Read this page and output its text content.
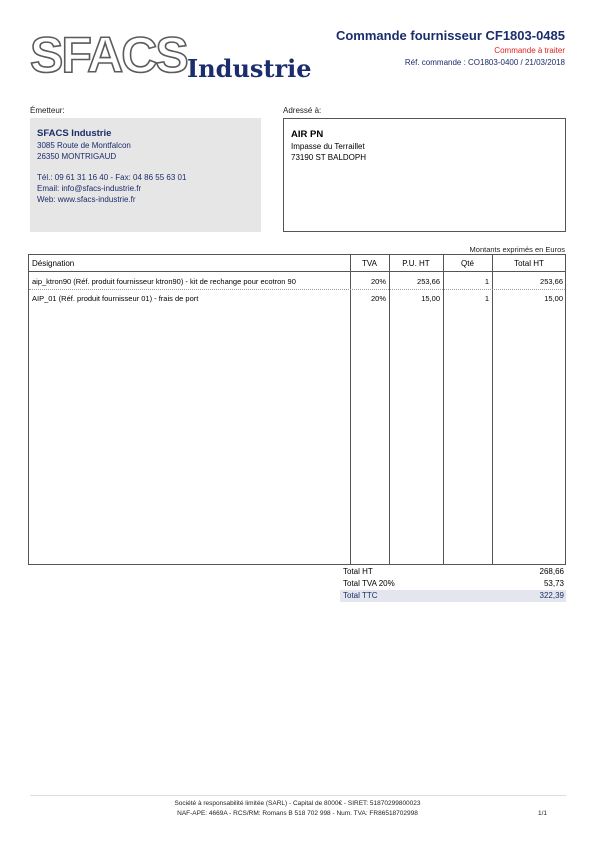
SFACS Industrie
Commande fournisseur CF1803-0485
Commande à traiter
Réf. commande : CO1803-0400 / 21/03/2018
Émetteur:
SFACS Industrie
3085 Route de Montfalcon
26350 MONTRIGAUD
Tél.: 09 61 31 16 40 - Fax: 04 86 55 63 01
Email: info@sfacs-industrie.fr
Web: www.sfacs-industrie.fr
Adressé à:
AIR PN
Impasse du Terraillet
73190 ST BALDOPH
Montants exprimés en Euros
Désignation	TVA	P.U. HT	Qté	Total HT
aip_ktron90 (Réf. produit fournisseur ktron90) - kit de rechange pour ecotron 90	20%	253,66	1	253,66
AIP_01 (Réf. produit fournisseur 01) - frais de port	20%	15,00	1	15,00
Total HT	268,66
Total TVA 20%	53,73
Total TTC	322,39
Société à responsabilité limitée (SARL) - Capital de 8000€ - SIRET: 51870299800023
NAF-APE: 4669A - RCS/RM: Romans B 518 702 998 - Num. TVA: FR86518702998	1/1
